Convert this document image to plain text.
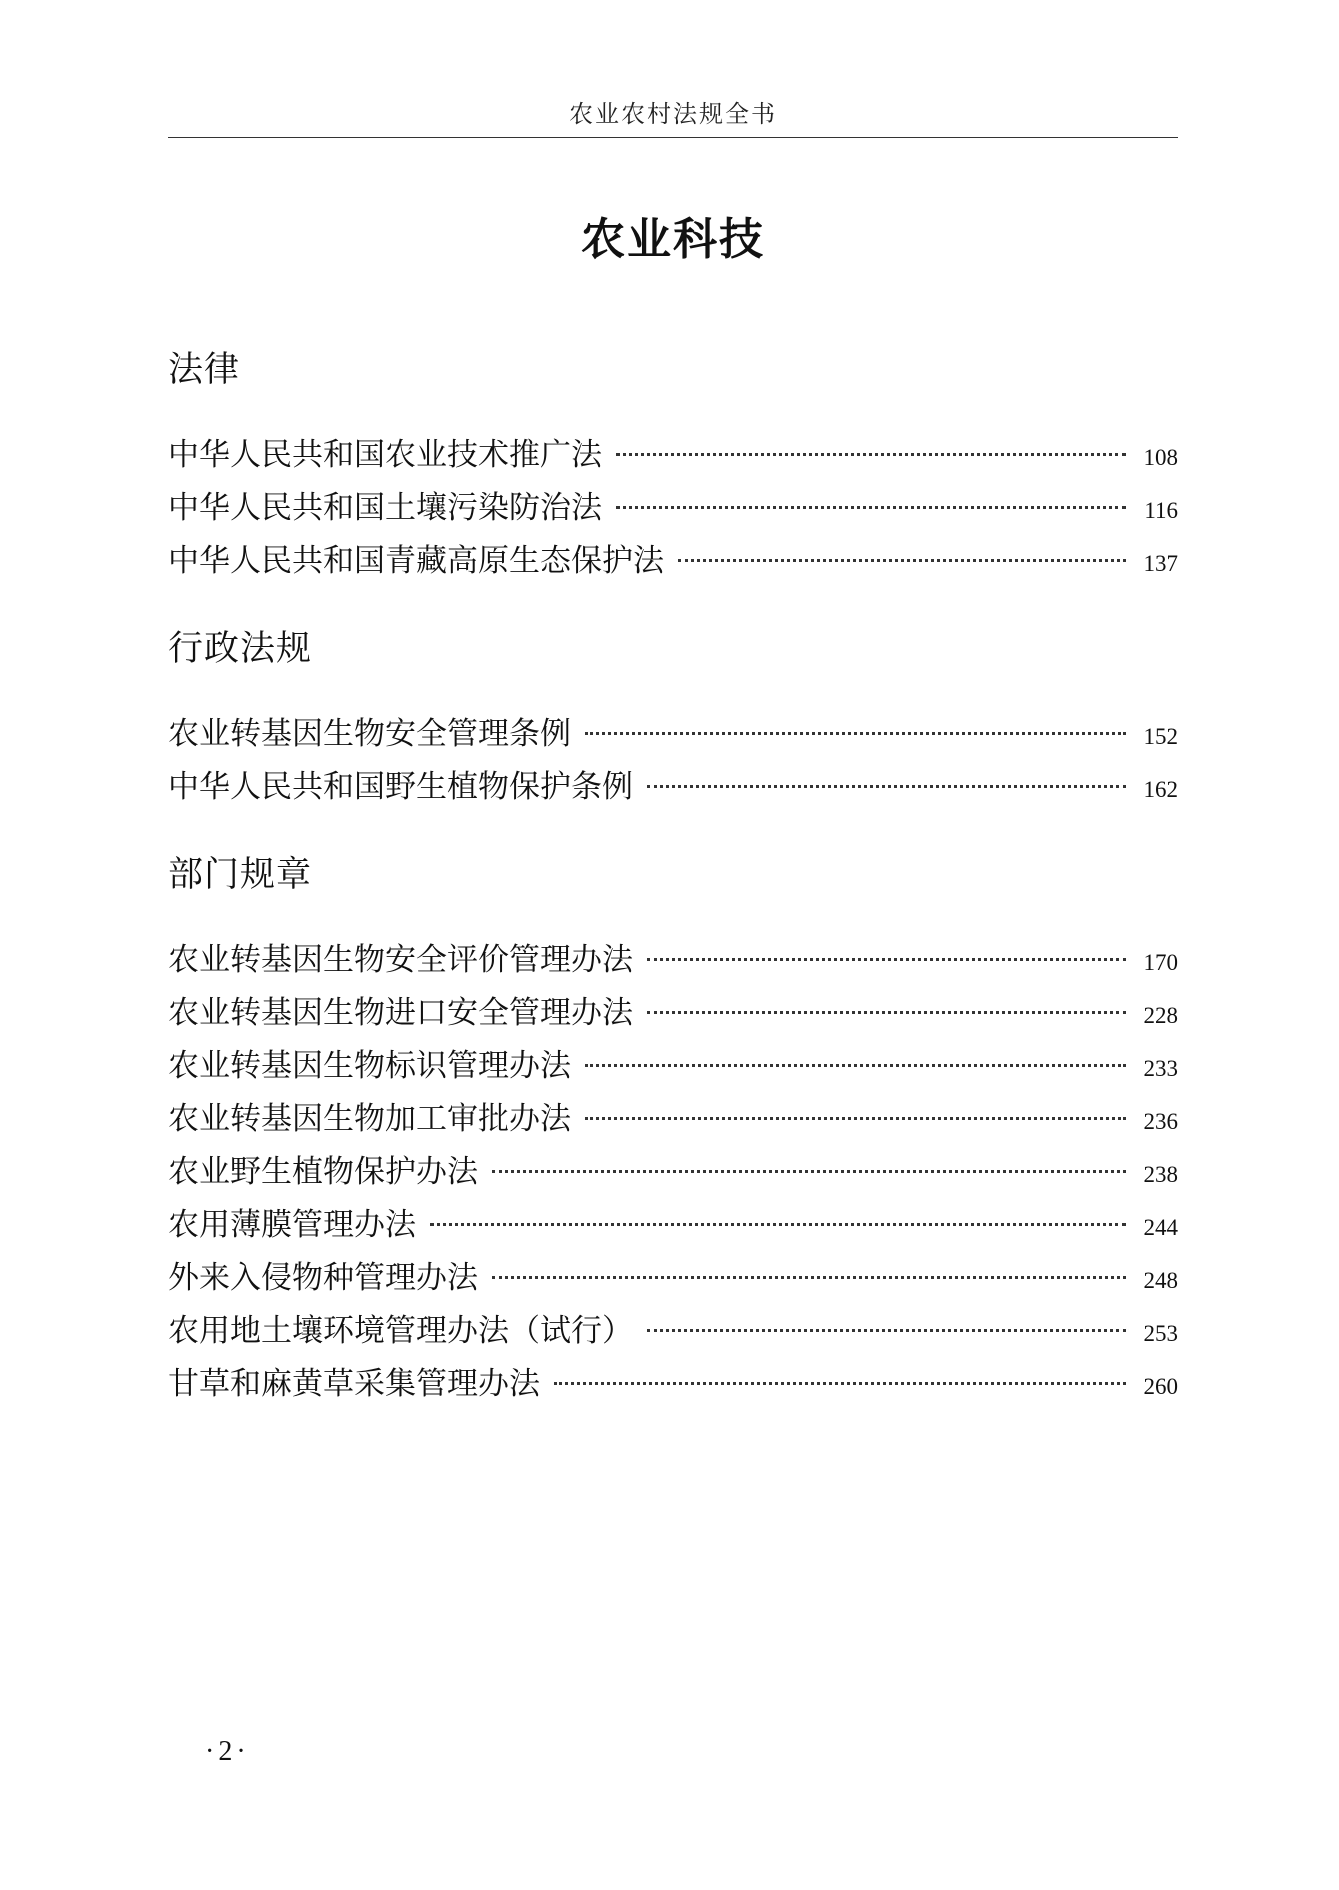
农业农村法规全书
农业科技
法律
中华人民共和国农业技术推广法	108
中华人民共和国土壤污染防治法	116
中华人民共和国青藏高原生态保护法	137
行政法规
农业转基因生物安全管理条例	152
中华人民共和国野生植物保护条例	162
部门规章
农业转基因生物安全评价管理办法	170
农业转基因生物进口安全管理办法	228
农业转基因生物标识管理办法	233
农业转基因生物加工审批办法	236
农业野生植物保护办法	238
农用薄膜管理办法	244
外来入侵物种管理办法	248
农用地土壤环境管理办法（试行）	253
甘草和麻黄草采集管理办法	260
·2·
